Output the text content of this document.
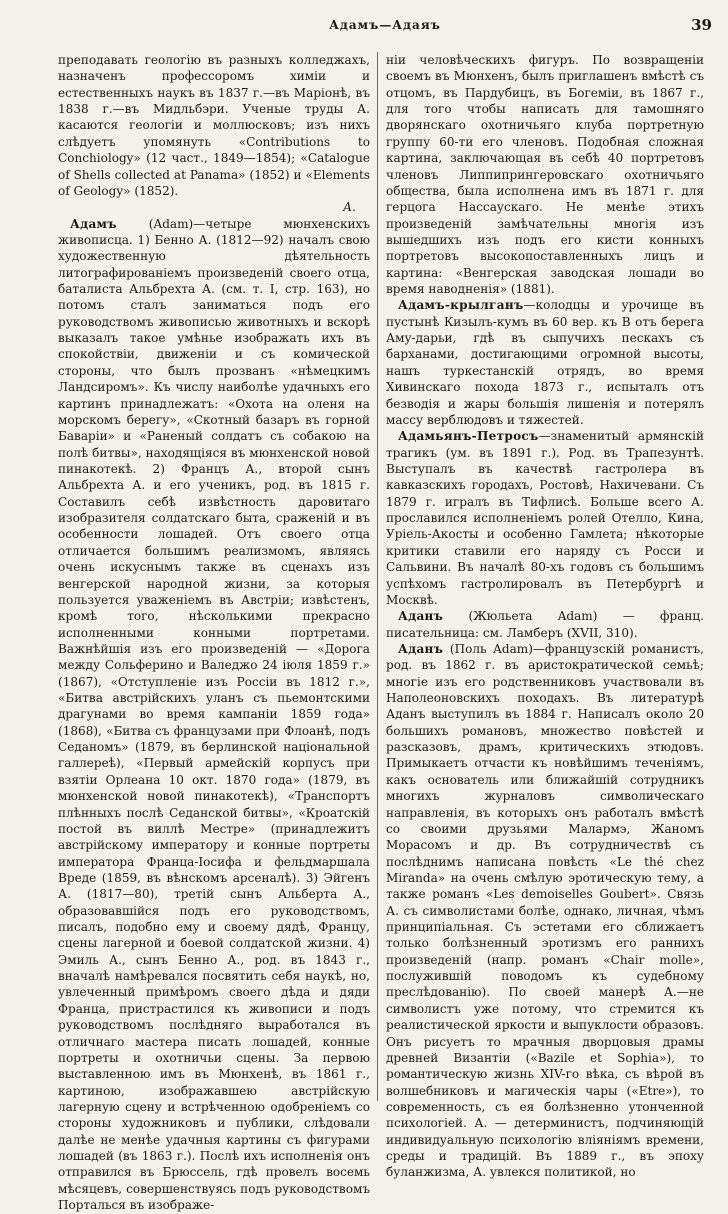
Адамъ—Адаяъ	39

преподавать геологію въ разныхъ колледжахъ, назначенъ профессоромъ химіи и естественныхъ наукъ въ 1837 г.—въ Маріонѣ, въ 1838 г.—въ Мидльбэри. Ученые труды А. касаются геологіи и моллюсковъ; изъ нихъ слѣдуетъ упомянуть «Contributions to Conchiology» (12 част., 1849—1854); «Catalogue of Shells collected at Panama» (1852) и «Elements of Geology» (1852).
А.

Адамъ	(Adam)—четыре мюнхенскихъ живописца. 1) Бенно А. (1812—92) началъ свою художественную дѣятельность литографированіемъ произведеній своего отца, баталиста Альбрехта А. (см. т. I, стр. 163), но потомъ сталъ заниматься подъ его руководствомъ живописью животныхъ и вскорѣ выказалъ такое умѣнье изображать ихъ въ спокойствіи, движеніи и съ комической стороны, что былъ прозванъ «нѣмецкимъ Ландсиромъ». Къ числу наиболѣе удачныхъ его картинъ принадлежатъ: «Охота на оленя на морскомъ берегу», «Скотный базаръ въ горной Баваріи» и «Раненый солдатъ съ собакою на полѣ битвы», находящіяся въ мюнхенской новой пинакотекѣ. 2) Францъ А., второй сынъ Альбрехта А. и его ученикъ, род. въ 1815 г. Составилъ себѣ извѣстность даровитаго изобразителя солдатскаго быта, сраженій и въ особенности лошадей. Отъ своего отца отличается большимъ реализмомъ, являясь очень искуснымъ также въ сценахъ изъ венгерской народной жизни, за которыя пользуется уваженіемъ въ Австріи; извѣстенъ, кромѣ того, нѣсколькими прекрасно исполненными конными портретами. Важнѣйшія изъ его произведеній — «Дорога между Сольферино и Валеджо 24 іюля 1859 г.» (1867), «Отступленіе изъ Россіи въ 1812 г.», «Битва австрійскихъ уланъ съ пьемонтскими драгунами во время кампаніи 1859 года» (1868), «Битва съ французами при Флоанѣ, подъ Седаномъ» (1879, въ берлинской національной галлереѣ), «Первый армейскій корпусъ при взятіи Орлеана 10 окт. 1870 года» (1879, въ мюнхенской новой пинакотекѣ), «Транспортъ плѣнныхъ послѣ Седанской битвы», «Кроатскій постой въ виллѣ Местре» (принадлежитъ австрійскому императору и конные портреты императора Франца-Іосифа и фельдмаршала Вреде (1859, въ вѣнскомъ арсеналѣ). 3) Эйгенъ А. (1817—80), третій сынъ Альберта А., образовавшійся подъ его руководствомъ, писалъ, подобно ему и своему дядѣ, Францу, сцены лагерной и боевой солдатской жизни. 4) Эмиль А., сынъ Бенно А., род. въ 1843 г., вначалѣ намѣревался посвятить себя наукѣ, но, увлеченный примѣромъ своего дѣда и дяди Франца, пристрастился къ живописи и подъ руководствомъ послѣдняго выработался въ отличнаго мастера писать лошадей, конные портреты и охотничьи сцены. За первою выставленною имъ въ Мюнхенѣ, въ 1861 г., картиною, изображавшею австрійскую лагерную сцену и встрѣченною одобреніемъ со стороны художниковъ и публики, слѣдовали далѣе не менѣе удачныя картины съ фигурами лошадей (въ 1863 г.). Послѣ ихъ исполненія онъ отправился въ Брюссель, гдѣ провелъ восемь мѣсяцевъ, совершенствуясь подъ руководствомъ Порталься въ изображе-

ніи человѣческихъ фигуръ. По возвращеніи своемъ въ Мюнхенъ, былъ приглашенъ вмѣстѣ съ отцомъ, въ Пардубицъ, въ Богеміи, въ 1867 г., для того чтобы написать для тамошняго дворянскаго охотничьяго клуба портретную группу 60-ти его членовъ. Подобная сложная картина, заключающая въ себѣ 40 портретовъ членовъ Липпипрингеровскаго охотничьяго общества, была исполнена имъ въ 1871 г. для герцога Нассаускаго. Не менѣе этихъ произведеній замѣчательны многія изъ вышедшихъ изъ подъ его кисти конныхъ портретовъ высокопоставленныхъ лицъ и картина: «Венгерская заводская лошади во время наводненія» (1881).

Адамъ-крылганъ—колодцы и урочище въ пустынѣ Кизылъ-кумъ въ 60 вер. къ В отъ берега Аму-дарьи, гдѣ въ сыпучихъ пескахъ съ барханами, достигающими огромной высоты, нашъ туркестанскій отрядъ, во время Хивинскаго похода 1873 г., испыталъ отъ безводія и жары большія лишенія и потерялъ массу верблюдовъ и тяжестей.

Адамьянъ-Петросъ—знаменитый армянскій трагикъ (ум. въ 1891 г.). Род. въ Трапезунтѣ. Выступалъ въ качествѣ гастролера въ кавказскихъ городахъ, Ростовѣ, Нахичевани. Съ 1879 г. игралъ въ Тифлисѣ. Больше всего А. прославился исполненіемъ ролей Отелло, Кина, Уріель-Акосты и особенно Гамлета; нѣкоторые критики ставили его наряду съ Росси и Сальвини. Въ началѣ 80-хъ годовъ съ большимъ успѣхомъ гастролировалъ въ Петербургѣ и Москвѣ.

Аданъ (Жюльета Adam) — франц. писательница: см. Ламберъ (XVII, 310).

Аданъ (Поль Adam)—французскій романистъ, род. въ 1862 г. въ аристократической семьѣ; многіе изъ его родственниковъ участвовали въ Наполеоновскихъ походахъ. Въ литературѣ Аданъ выступилъ въ 1884 г. Написалъ около 20 большихъ романовъ, множество повѣстей и разсказовъ, драмъ, критическихъ этюдовъ. Примыкаетъ отчасти къ новѣйшимъ теченіямъ, какъ основатель или ближайшій сотрудникъ многихъ журналовъ символическаго направленія, въ которыхъ онъ работалъ вмѣстѣ со своими друзьями Малармэ, Жаномъ Морасомъ и др. Въ сотрудничествѣ съ послѣднимъ написана повѣсть «Le thé chez Miranda» на очень смѣлую эротическую тему, а также романъ «Les demoiselles Goubert». Связь А. съ символистами болѣе, однако, личная, чѣмъ принципіальная. Съ эстетами его сближаетъ только болѣзненный эротизмъ его раннихъ произведеній (напр. романъ «Chair molle», послужившій поводомъ къ судебному преслѣдованію). По своей манерѣ А.—не символистъ уже потому, что стремится къ реалистической яркости и выпуклости образовъ. Онъ рисуетъ то мрачныя дворцовыя драмы древней Византіи («Bazile et Sophia»), то романтическую жизнь XIV-го вѣка, съ вѣрой въ волшебниковъ и магическія чары («Etre»), то современность, съ ея болѣзненно утонченной психологіей. А. — детерминистъ, подчиняющій индивидуальную психологію вліяніямъ времени, среды и традицій. Въ 1889 г., въ эпоху буланжизма, А. увлекся политикой, но
